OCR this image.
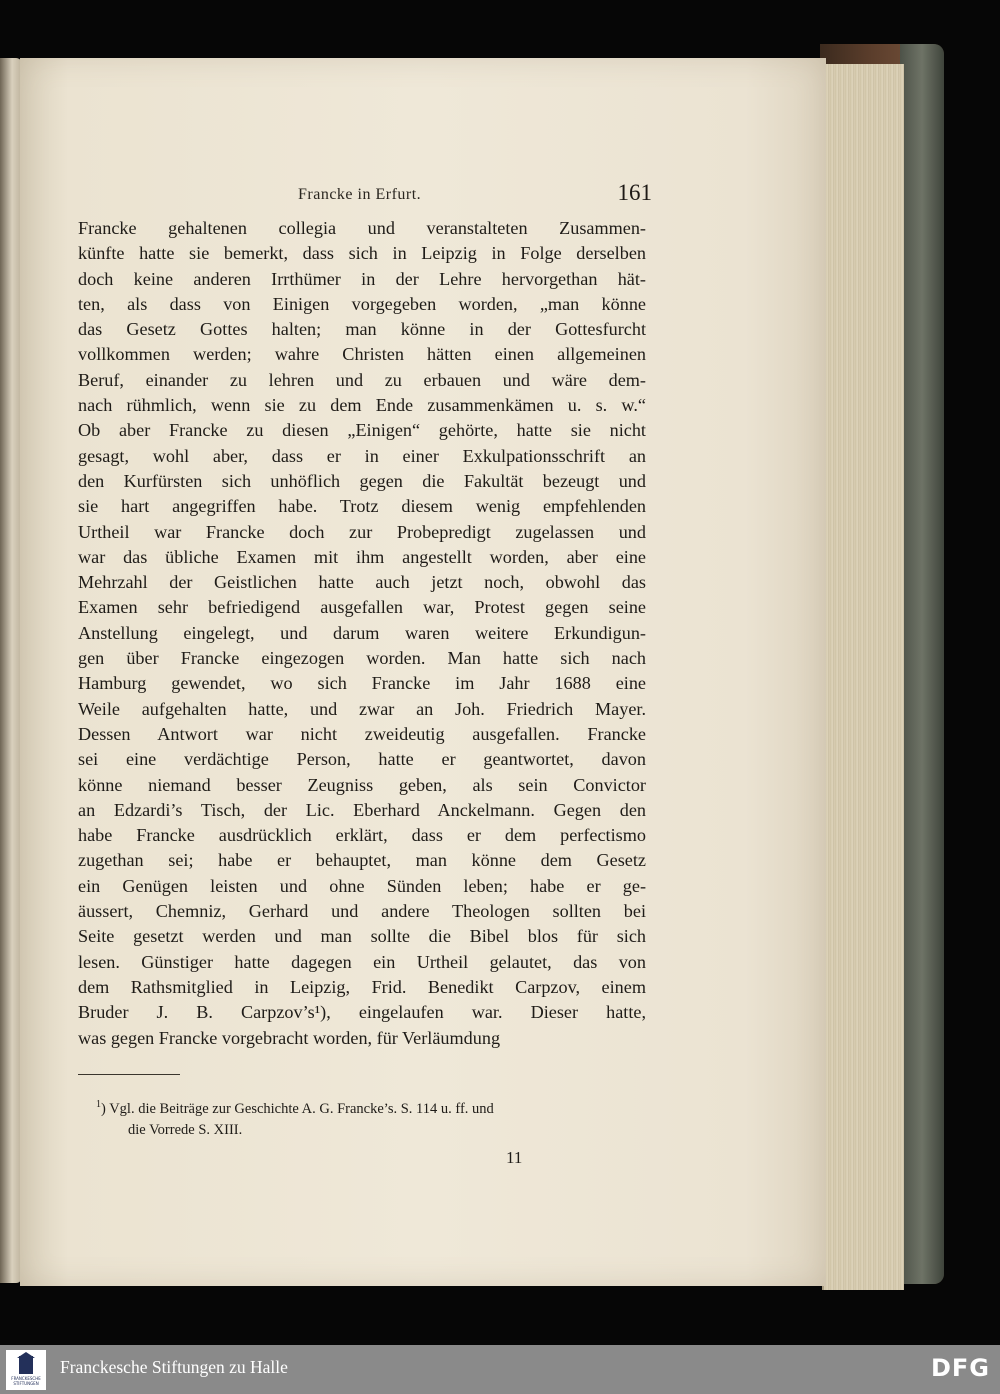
Francke in Erfurt.	161
Francke gehaltenen collegia und veranstalteten Zusammen-
künfte hatte sie bemerkt, dass sich in Leipzig in Folge derselben
doch keine anderen Irrthümer in der Lehre hervorgethan hät-
ten, als dass von Einigen vorgegeben worden, „man könne
das Gesetz Gottes halten; man könne in der Gottesfurcht
vollkommen werden; wahre Christen hätten einen allgemeinen
Beruf, einander zu lehren und zu erbauen und wäre dem-
nach rühmlich, wenn sie zu dem Ende zusammenkämen u. s. w.“
Ob aber Francke zu diesen „Einigen“ gehörte, hatte sie nicht
gesagt, wohl aber, dass er in einer Exkulpationsschrift an
den Kurfürsten sich unhöflich gegen die Fakultät bezeugt und
sie hart angegriffen habe. Trotz diesem wenig empfehlenden
Urtheil war Francke doch zur Probepredigt zugelassen und
war das übliche Examen mit ihm angestellt worden, aber eine
Mehrzahl der Geistlichen hatte auch jetzt noch, obwohl das
Examen sehr befriedigend ausgefallen war, Protest gegen seine
Anstellung eingelegt, und darum waren weitere Erkundigun-
gen über Francke eingezogen worden. Man hatte sich nach
Hamburg gewendet, wo sich Francke im Jahr 1688 eine
Weile aufgehalten hatte, und zwar an Joh. Friedrich Mayer.
Dessen Antwort war nicht zweideutig ausgefallen. Francke
sei eine verdächtige Person, hatte er geantwortet, davon
könne niemand besser Zeugniss geben, als sein Convictor
an Edzardi’s Tisch, der Lic. Eberhard Anckelmann. Gegen den
habe Francke ausdrücklich erklärt, dass er dem perfectismo
zugethan sei; habe er behauptet, man könne dem Gesetz
ein Genügen leisten und ohne Sünden leben; habe er ge-
äussert, Chemniz, Gerhard und andere Theologen sollten bei
Seite gesetzt werden und man sollte die Bibel blos für sich
lesen. Günstiger hatte dagegen ein Urtheil gelautet, das von
dem Rathsmitglied in Leipzig, Frid. Benedikt Carpzov, einem
Bruder J. B. Carpzov’s¹), eingelaufen war. Dieser hatte,
was gegen Francke vorgebracht worden, für Verläumdung
$^1$) Vgl. die Beiträge zur Geschichte A. G. Francke’s. S. 114 u. ff. und
die Vorrede S. XIII.
11
FRANCKESCHE STIFTUNGEN
Franckesche Stiftungen zu Halle	DFG
